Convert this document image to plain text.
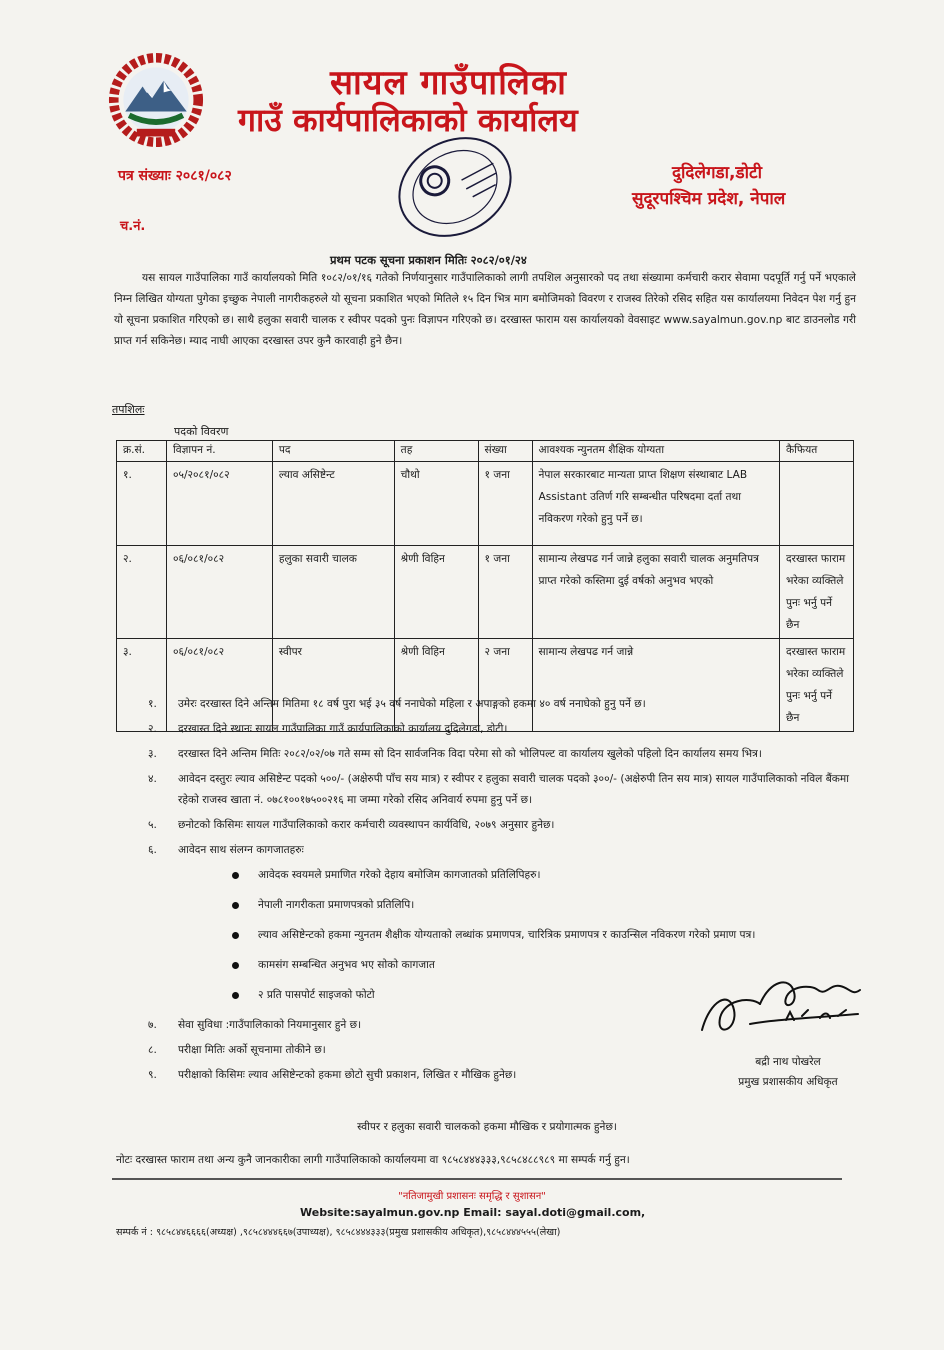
सायल गाउँपालिका
गाउँ कार्यपालिकाको कार्यालय
पत्र संख्याः २०८१/०८२
च.नं.
दुदिलेगडा,डोटी
सुदूरपश्चिम प्रदेश, नेपाल
प्रथम पटक सूचना प्रकाशन मितिः २०८२/०१/२४
यस सायल गाउँपालिका गाउँ कार्यालयको मिति १०८२/०१/१६ गतेको निर्णयानुसार गाउँपालिकाको लागी तपशिल अनुसारको पद तथा संख्यामा कर्मचारी करार सेवामा पदपूर्ति गर्नु पर्ने भएकाले निम्न लिखित योग्यता पुगेका इच्छुक नेपाली नागरीकहरुले यो सूचना प्रकाशित भएको मितिले १५ दिन भित्र माग बमोजिमको विवरण र राजस्व तिरेको रसिद सहित यस कार्यालयमा निवेदन पेश गर्नु हुन यो सूचना प्रकाशित गरिएको छ। साथै हलुका सवारी चालक र स्वीपर पदको पुनः विज्ञापन गरिएको छ। दरखास्त फाराम यस कार्यालयको वेवसाइट www.sayalmun.gov.np बाट डाउनलोड गरी प्राप्त गर्न सकिनेछ। म्याद नाघी आएका दरखास्त उपर कुनै कारवाही हुने छैन।
तपशिलः
पदको विवरण
क्र.सं.	विज्ञापन नं.	पद	तह	संख्या	आवश्यक न्युनतम शैक्षिक योग्यता	कैफियत
१.	०५/२०८१/०८२	ल्याव असिष्टेन्ट	चौथो	१ जना	नेपाल सरकारबाट मान्यता प्राप्त शिक्षण संस्थाबाट LAB Assistant उतिर्ण गरि सम्बन्धीत परिषदमा दर्ता तथा नविकरण गरेको हुनु पर्ने छ।	
२.	०६/०८१/०८२	हलुका सवारी चालक	श्रेणी विहिन	१ जना	सामान्य लेखपढ गर्न जान्ने हलुका सवारी चालक अनुमतिपत्र प्राप्त गरेको कस्तिमा दुई वर्षको अनुभव भएको	दरखास्त फाराम भरेका व्यक्तिले पुनः भर्नु पर्ने छैन
३.	०६/०८१/०८२	स्वीपर	श्रेणी विहिन	२ जना	सामान्य लेखपढ गर्न जान्ने	दरखास्त फाराम भरेका व्यक्तिले पुनः भर्नु पर्ने छैन
१. उमेरः दरखास्त दिने अन्तिम मितिमा १८ वर्ष पुरा भई ३५ वर्ष ननाघेको महिला र अपाङ्गको हकमा ४० वर्ष ननाघेको हुनु पर्ने छ।
२. दरखास्त दिने स्थानः सायल गाउँपालिका गाउँ कार्यपालिकाको कार्यालय दुदिलेगडा, डोटी।
३. दरखास्त दिने अन्तिम मितिः २०८२/०२/०७ गते सम्म सो दिन सार्वजनिक विदा परेमा सो को भोलिपल्ट वा कार्यालय खुलेको पहिलो दिन कार्यालय समय भित्र।
४. आवेदन दस्तुरः ल्याव असिष्टेन्ट पदको ५००/- (अक्षेरुपी पाँच सय मात्र) र स्वीपर र हलुका सवारी चालक पदको ३००/- (अक्षेरुपी तिन सय मात्र) सायल गाउँपालिकाको नविल बैंकमा रहेको राजस्व खाता नं. ०७८१००१७५००२१६ मा जम्मा गरेको रसिद अनिवार्य रुपमा हुनु पर्ने छ।
५. छनोटको किसिमः सायल गाउँपालिकाको करार कर्मचारी व्यवस्थापन कार्यविधि, २०७९ अनुसार हुनेछ।
६. आवेदन साथ संलग्न कागजातहरुः
आवेदक स्वयमले प्रमाणित गरेको देहाय बमोजिम कागजातको प्रतिलिपिहरु।
नेपाली नागरीकता प्रमाणपत्रको प्रतिलिपि।
ल्याव असिष्टेन्टको हकमा न्युनतम शैक्षीक योग्यताको लब्धांक प्रमाणपत्र, चारित्रिक प्रमाणपत्र र काउन्सिल नविकरण गरेको प्रमाण पत्र।
कामसंग सम्बन्धित अनुभव भए सोको कागजात
२ प्रति पासपोर्ट साइजको फोटो
७. सेवा सुविधा :गाउँपालिकाको नियमानुसार हुने छ।
८. परीक्षा मितिः अर्को सूचनामा तोकीने छ।
९. परीक्षाको किसिमः ल्याव असिष्टेन्टको हकमा छोटो सुची प्रकाशन, लिखित र मौखिक हुनेछ।
बद्री नाथ पोखरेल
प्रमुख प्रशासकीय अधिकृत
स्वीपर र हलुका सवारी चालकको हकमा मौखिक र प्रयोगात्मक हुनेछ।
नोटः दरखास्त फाराम तथा अन्य कुनै जानकारीका लागी गाउँपालिकाको कार्यालयमा वा ९८५८४४४३३३,९८५८४८८९८९ मा सम्पर्क गर्नु हुन।
"नतिजामुखी प्रशासनः समृद्धि र सुशासन"
Website:sayalmun.gov.np Email: sayal.doti@gmail.com,
सम्पर्क नं : ९८५८४४६६६६(अध्यक्ष) ,९८५८४४४६६७(उपाध्यक्ष), ९८५८४४४३३३(प्रमुख प्रशासकीय अधिकृत),९८५८४४४५५५(लेखा)
